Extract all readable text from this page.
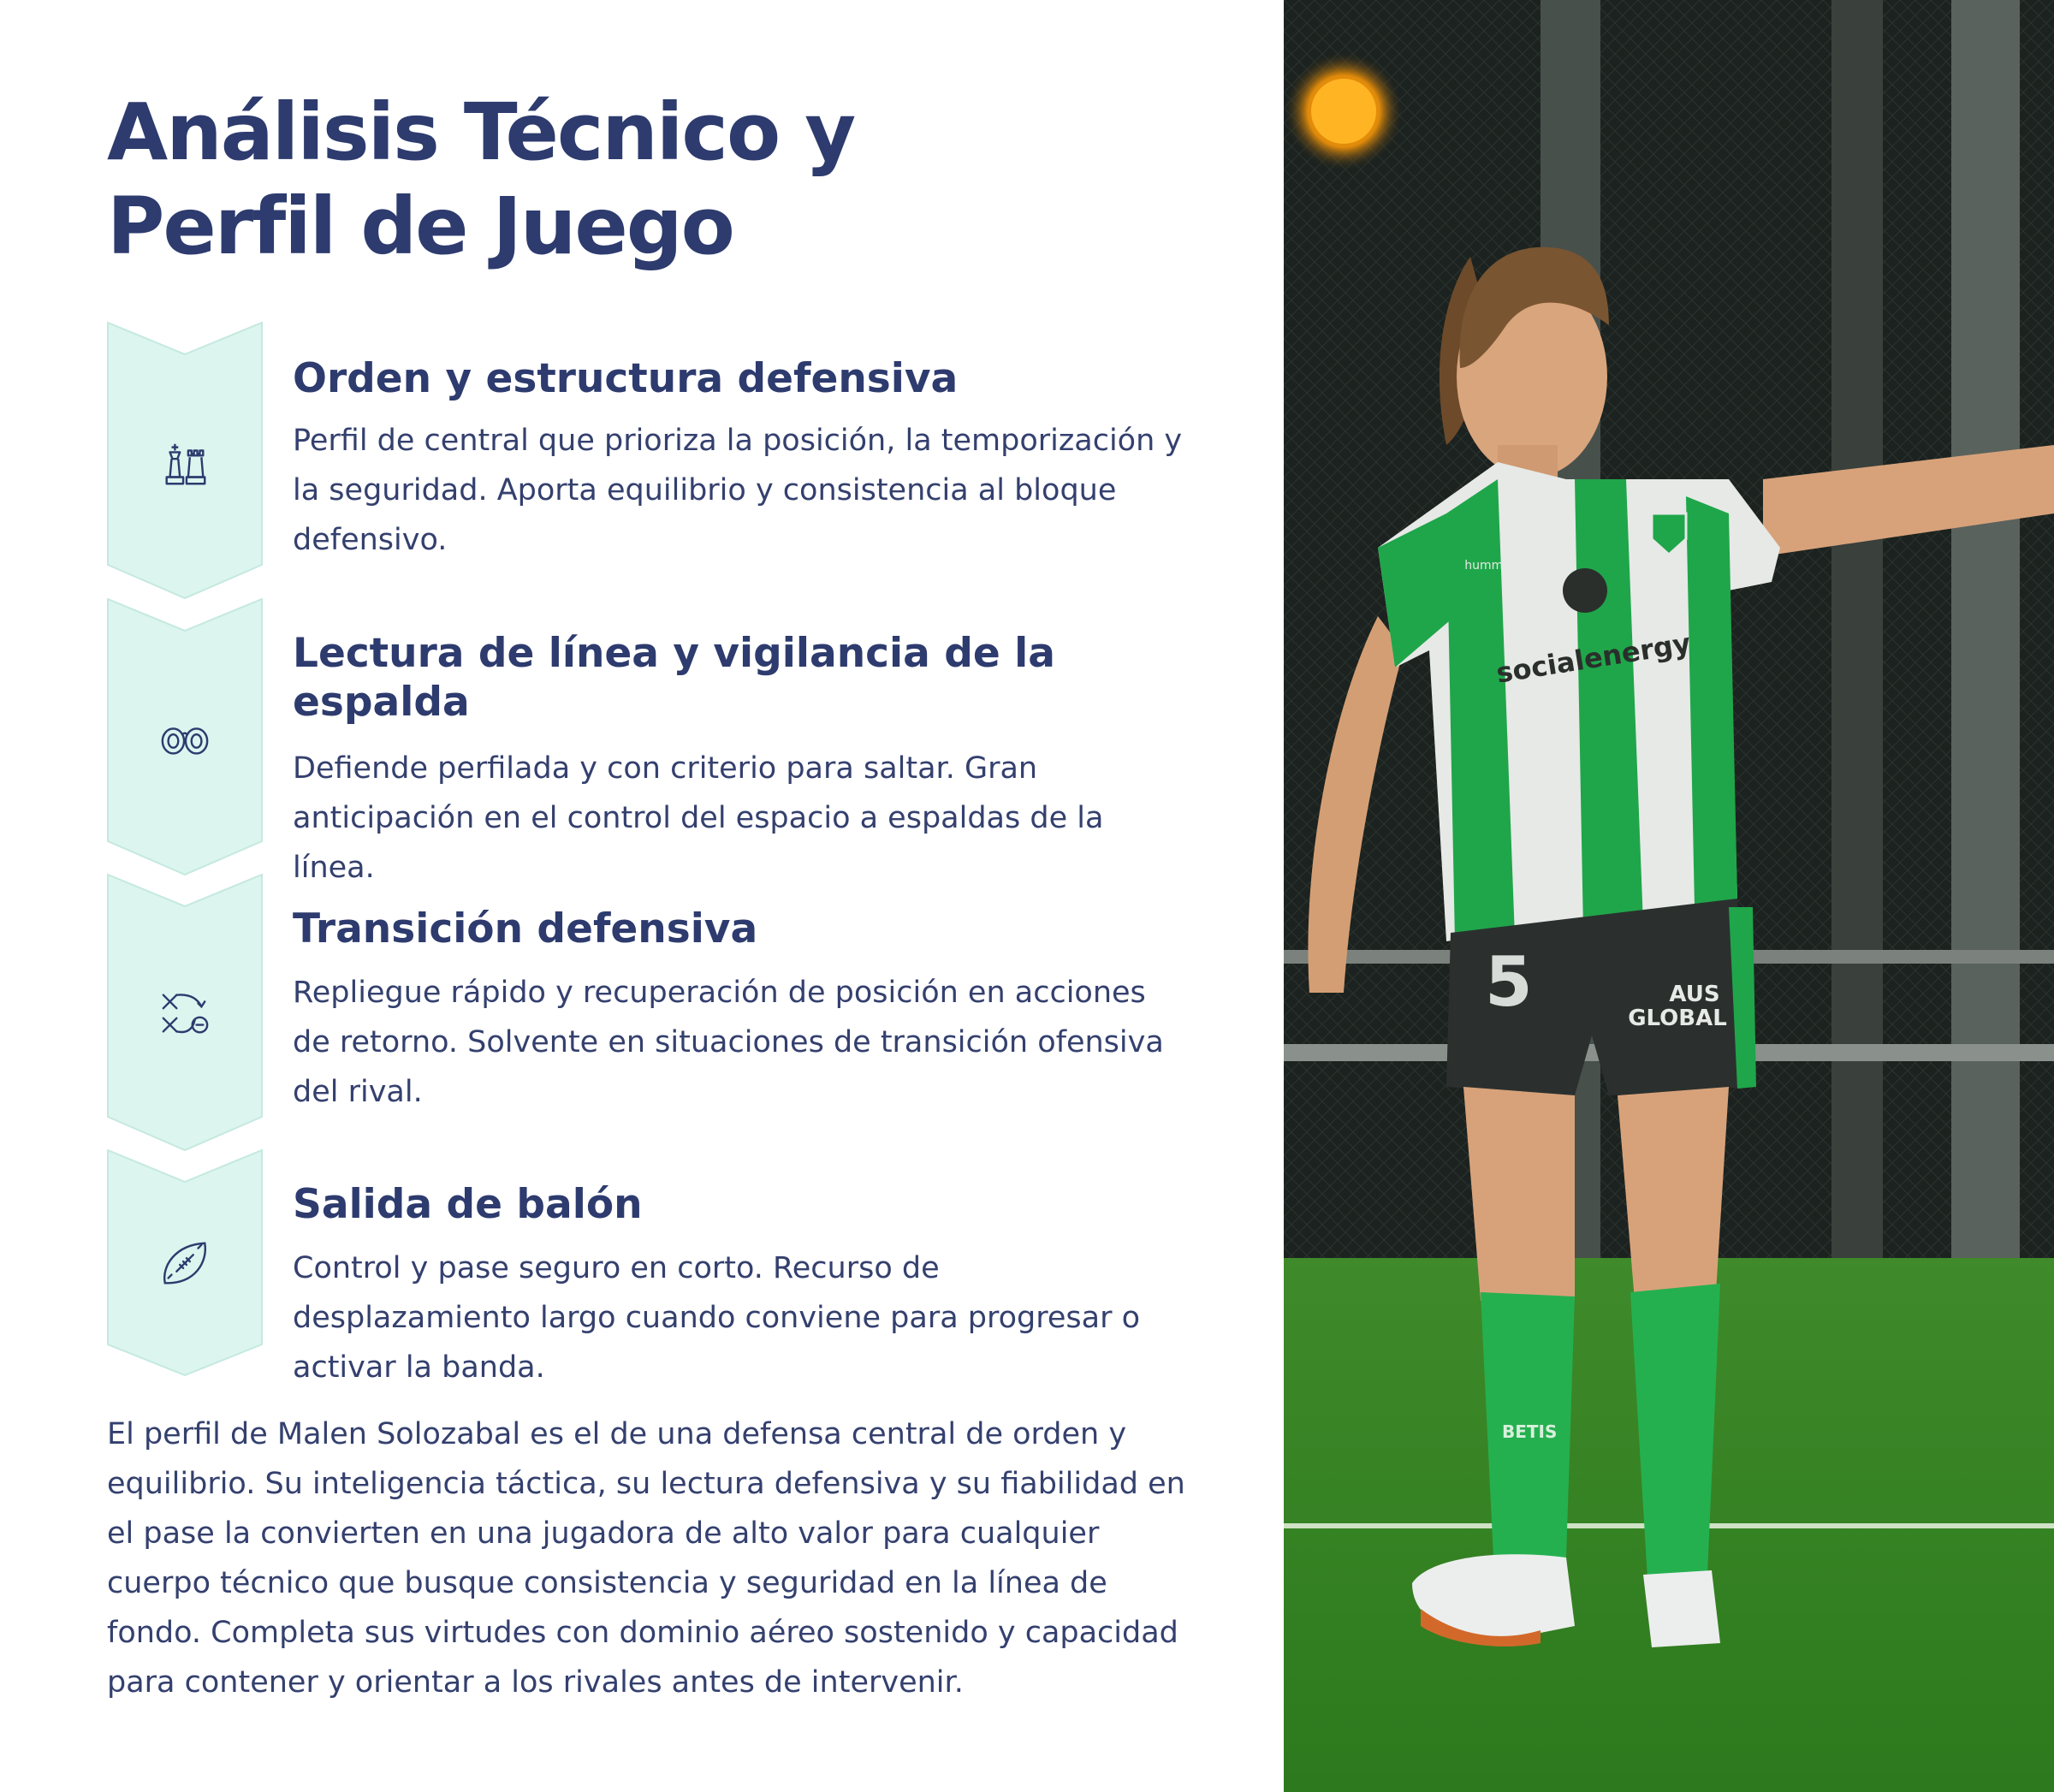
Análisis Técnico y
Perfil de Juego
Orden y estructura defensiva

Perfil de central que prioriza la posición, la temporización y la seguridad. Aporta equilibrio y consistencia al bloque defensivo.

Lectura de línea y vigilancia de la espalda

Defiende perfilada y con criterio para saltar. Gran anticipación en el control del espacio a espaldas de la línea.

Transición defensiva

Repliegue rápido y recuperación de posición en acciones de retorno. Solvente en situaciones de transición ofensiva del rival.

Salida de balón

Control y pase seguro en corto. Recurso de desplazamiento largo cuando conviene para progresar o activar la banda.

El perfil de Malen Solozabal es el de una defensa central de orden y equilibrio. Su inteligencia táctica, su lectura defensiva y su fiabilidad en el pase la convierten en una jugadora de alto valor para cualquier cuerpo técnico que busque consistencia y seguridad en la línea de fondo. Completa sus virtudes con dominio aéreo sostenido y capacidad para contener y orientar a los rivales antes de intervenir.

socialenergy
hummel
5	AUS
GLOBAL
BETIS
